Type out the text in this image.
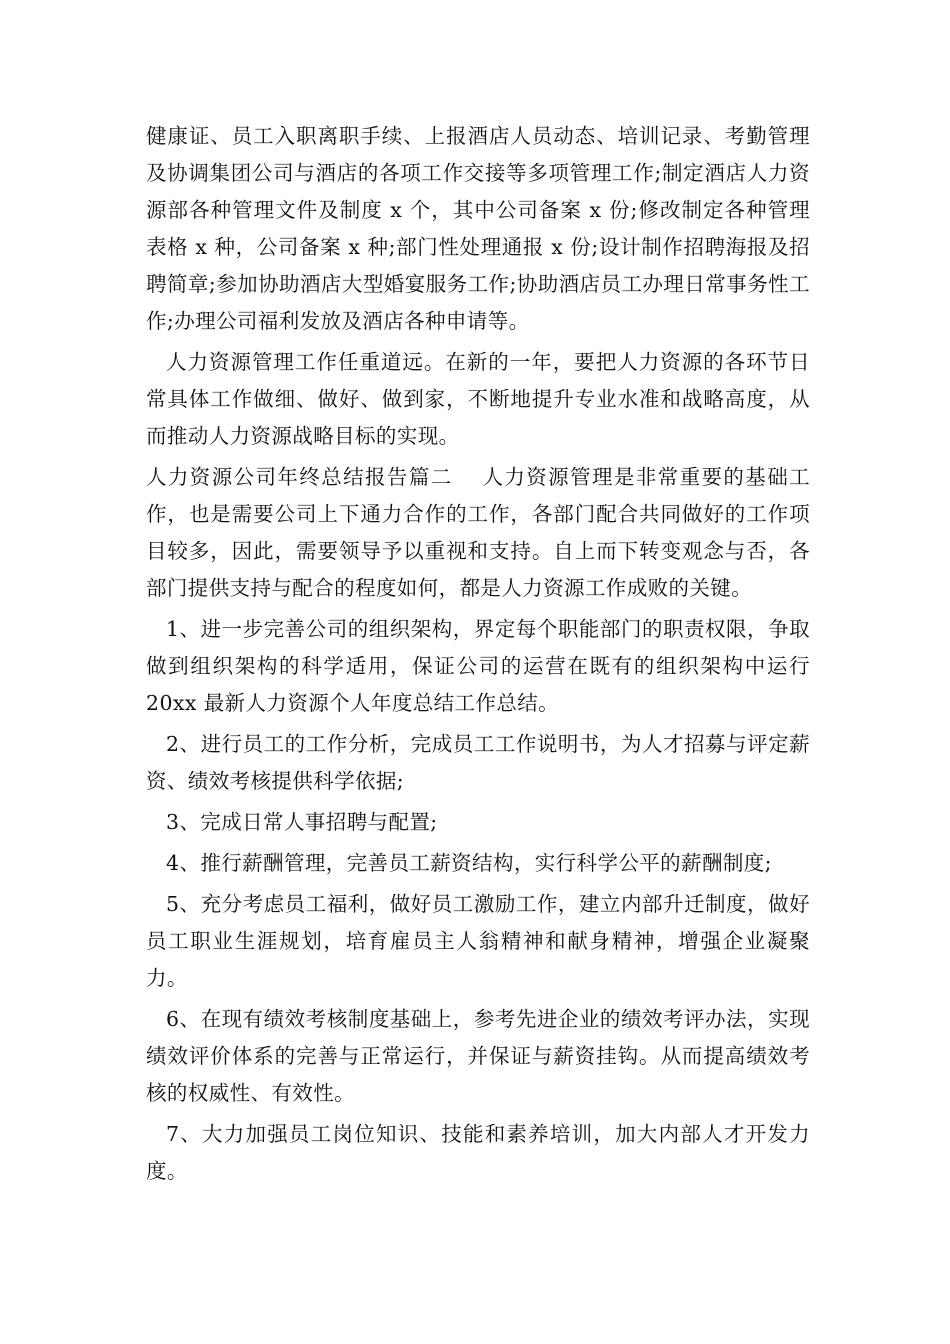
健康证、员工入职离职手续、上报酒店人员动态、培训记录、考勤管理及协调集团公司与酒店的各项工作交接等多项管理工作;制定酒店人力资源部各种管理文件及制度 x 个，其中公司备案 x 份;修改制定各种管理表格 x 种，公司备案 x 种;部门性处理通报 x 份;设计制作招聘海报及招聘简章;参加协助酒店大型婚宴服务工作;协助酒店员工办理日常事务性工作;办理公司福利发放及酒店各种申请等。

人力资源管理工作任重道远。在新的一年，要把人力资源的各环节日常具体工作做细、做好、做到家，不断地提升专业水准和战略高度，从而推动人力资源战略目标的实现。

人力资源公司年终总结报告篇二　 人力资源管理是非常重要的基础工作，也是需要公司上下通力合作的工作，各部门配合共同做好的工作项目较多，因此，需要领导予以重视和支持。自上而下转变观念与否，各部门提供支持与配合的程度如何，都是人力资源工作成败的关键。

1、进一步完善公司的组织架构，界定每个职能部门的职责权限，争取做到组织架构的科学适用，保证公司的运营在既有的组织架构中运行 20xx 最新人力资源个人年度总结工作总结。

2、进行员工的工作分析，完成员工工作说明书，为人才招募与评定薪资、绩效考核提供科学依据;

3、完成日常人事招聘与配置;

4、推行薪酬管理，完善员工薪资结构，实行科学公平的薪酬制度;

5、充分考虑员工福利，做好员工激励工作，建立内部升迁制度，做好员工职业生涯规划，培育雇员主人翁精神和献身精神，增强企业凝聚力。

6、在现有绩效考核制度基础上，参考先进企业的绩效考评办法，实现绩效评价体系的完善与正常运行，并保证与薪资挂钩。从而提高绩效考核的权威性、有效性。

7、大力加强员工岗位知识、技能和素养培训，加大内部人才开发力度。
